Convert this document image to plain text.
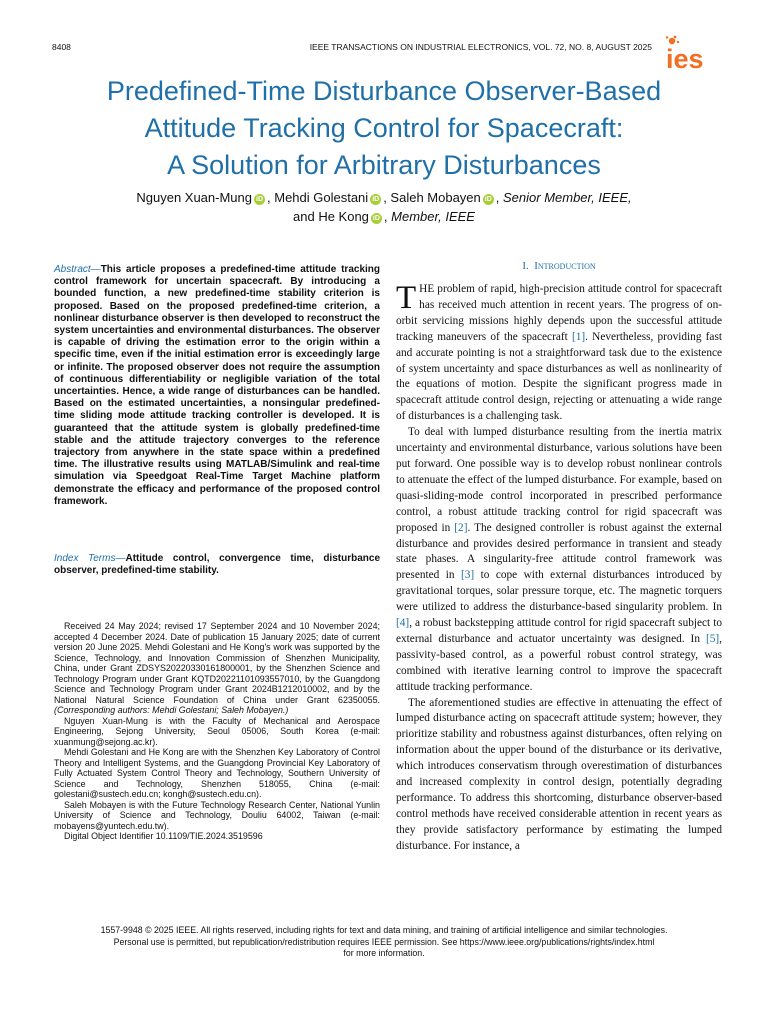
8408	IEEE TRANSACTIONS ON INDUSTRIAL ELECTRONICS, VOL. 72, NO. 8, AUGUST 2025 ies
Predefined-Time Disturbance Observer-Based
Attitude Tracking Control for Spacecraft:
A Solution for Arbitrary Disturbances
Nguyen Xuan-Mung iD , Mehdi Golestani iD , Saleh Mobayen iD , Senior Member, IEEE,
and He Kong iD , Member, IEEE
Abstract—This article proposes a predefined-time attitude tracking control framework for uncertain spacecraft. By introducing a bounded function, a new predefined-time stability criterion is proposed. Based on the proposed predefined-time criterion, a nonlinear disturbance observer is then developed to reconstruct the system uncertainties and environmental disturbances. The observer is capable of driving the estimation error to the origin within a specific time, even if the initial estimation error is exceedingly large or infinite. The proposed observer does not require the assumption of continuous differentiability or negligible variation of the total uncertainties. Hence, a wide range of disturbances can be handled. Based on the estimated uncertainties, a nonsingular predefined-time sliding mode attitude tracking controller is developed. It is guaranteed that the attitude system is globally predefined-time stable and the attitude trajectory converges to the reference trajectory from anywhere in the state space within a predefined time. The illustrative results using MATLAB/Simulink and real-time simulation via Speedgoat Real-Time Target Machine platform demonstrate the efficacy and performance of the proposed control framework.
Index Terms—Attitude control, convergence time, disturbance observer, predefined-time stability.

Received 24 May 2024; revised 17 September 2024 and 10 November 2024; accepted 4 December 2024. Date of publication 15 January 2025; date of current version 20 June 2025. Mehdi Golestani and He Kong's work was supported by the Science, Technology, and Innovation Commission of Shenzhen Municipality, China, under Grant ZDSYS20220330161800001, by the Shenzhen Science and Technology Program under Grant KQTD20221101093557010, by the Guangdong Science and Technology Program under Grant 2024B1212010002, and by the National Natural Science Foundation of China under Grant 62350055. (Corresponding authors: Mehdi Golestani; Saleh Mobayen.)

Nguyen Xuan-Mung is with the Faculty of Mechanical and Aerospace Engineering, Sejong University, Seoul 05006, South Korea (e-mail: xuanmung@sejong.ac.kr).

Mehdi Golestani and He Kong are with the Shenzhen Key Laboratory of Control Theory and Intelligent Systems, and the Guangdong Provincial Key Laboratory of Fully Actuated System Control Theory and Technology, Southern University of Science and Technology, Shenzhen 518055, China (e-mail: golestani@sustech.edu.cn; kongh@sustech.edu.cn).

Saleh Mobayen is with the Future Technology Research Center, National Yunlin University of Science and Technology, Douliu 64002, Taiwan (e-mail: mobayens@yuntech.edu.tw).

Digital Object Identifier 10.1109/TIE.2024.3519596

I. Introduction

THE problem of rapid, high-precision attitude control for spacecraft has received much attention in recent years. The progress of on-orbit servicing missions highly depends upon the successful attitude tracking maneuvers of the spacecraft [1]. Nevertheless, providing fast and accurate pointing is not a straightforward task due to the existence of system uncertainty and space disturbances as well as nonlinearity of the equations of motion. Despite the significant progress made in spacecraft attitude control design, rejecting or attenuating a wide range of disturbances is a challenging task.

To deal with lumped disturbance resulting from the inertia matrix uncertainty and environmental disturbance, various solutions have been put forward. One possible way is to develop robust nonlinear controls to attenuate the effect of the lumped disturbance. For example, based on quasi-sliding-mode control incorporated in prescribed performance control, a robust attitude tracking control for rigid spacecraft was proposed in [2]. The designed controller is robust against the external disturbance and provides desired performance in transient and steady state phases. A singularity-free attitude control framework was presented in [3] to cope with external disturbances introduced by gravitational torques, solar pressure torque, etc. The magnetic torquers were utilized to address the disturbance-based singularity problem. In [4], a robust backstepping attitude control for rigid spacecraft subject to external disturbance and actuator uncertainty was designed. In [5], passivity-based control, as a powerful robust control strategy, was combined with iterative learning control to improve the spacecraft attitude tracking performance.

The aforementioned studies are effective in attenuating the effect of lumped disturbance acting on spacecraft attitude system; however, they prioritize stability and robustness against disturbances, often relying on information about the upper bound of the disturbance or its derivative, which introduces conservatism through overestimation of disturbances and increased complexity in control design, potentially degrading performance. To address this shortcoming, disturbance observer-based control methods have received considerable attention in recent years as they provide satisfactory performance by estimating the lumped disturbance. For instance, a

1557-9948 © 2025 IEEE. All rights reserved, including rights for text and data mining, and training of artificial intelligence and similar technologies.
Personal use is permitted, but republication/redistribution requires IEEE permission. See https://www.ieee.org/publications/rights/index.html
for more information.
